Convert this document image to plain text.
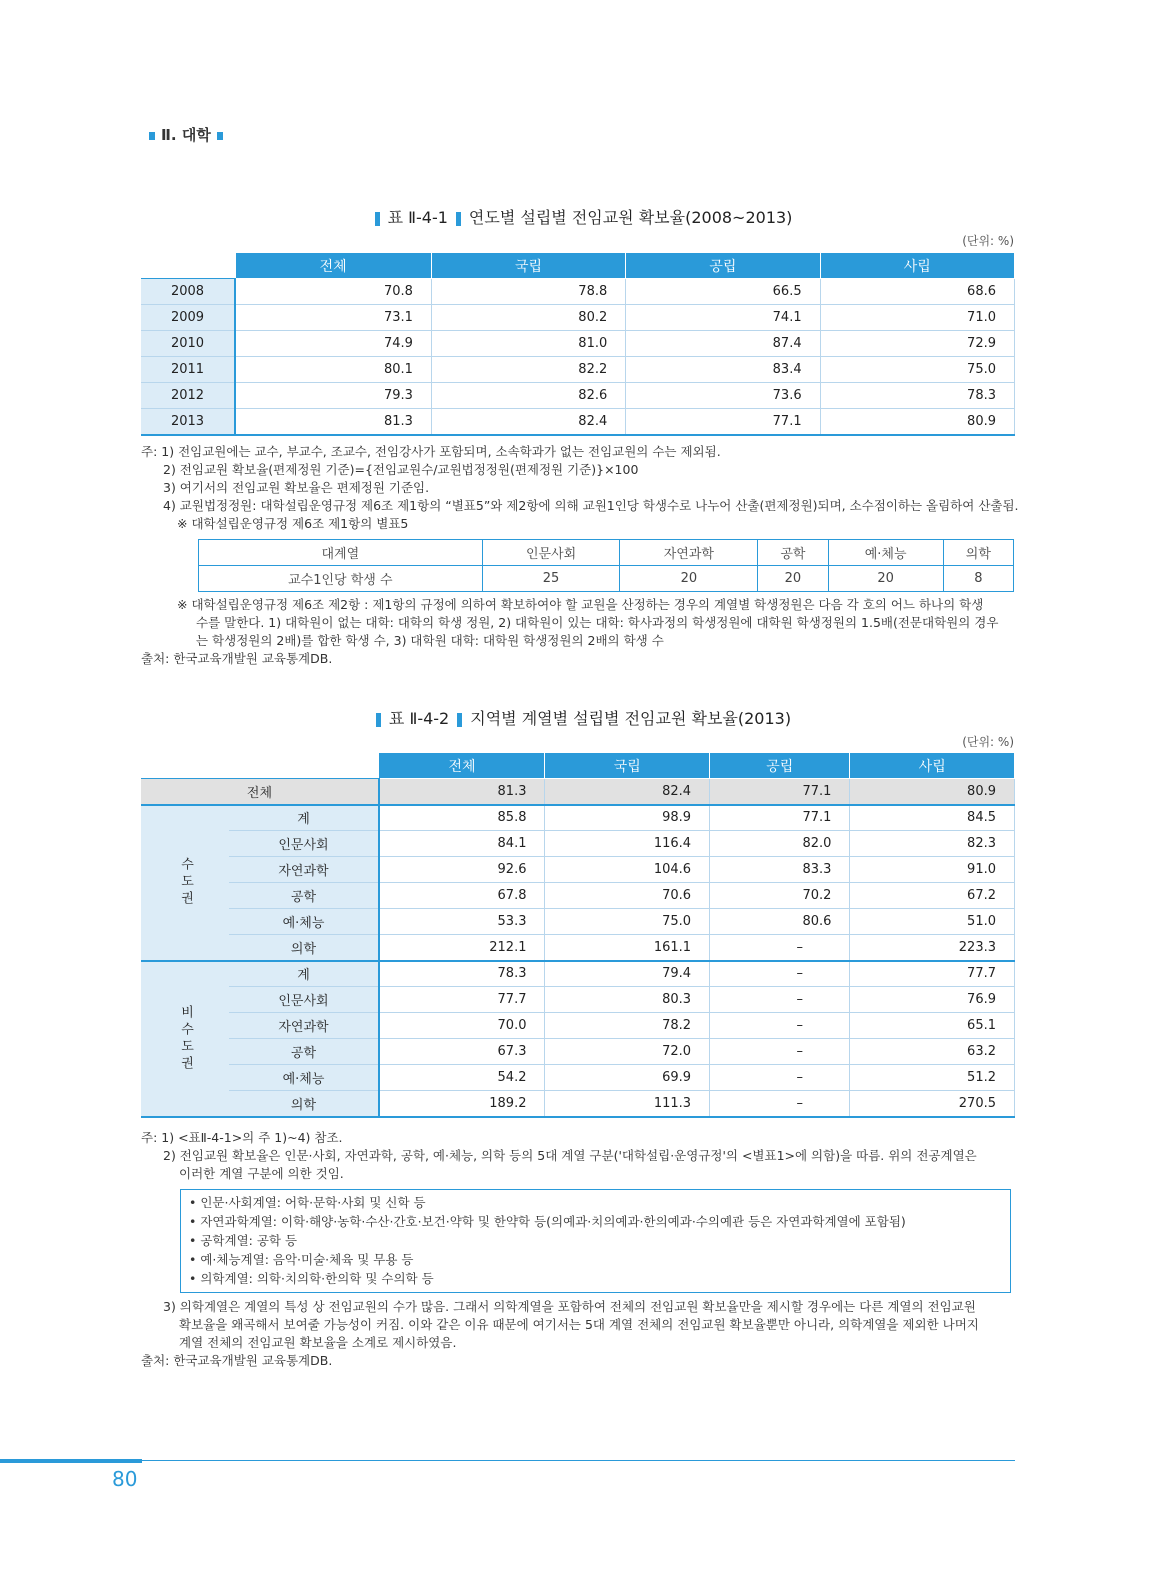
Ⅱ. 대학
표 Ⅱ-4-1 연도별 설립별 전임교원 확보율(2008~2013)
(단위: %)
	전체	국립	공립	사립
2008	70.8	78.8	66.5	68.6
2009	73.1	80.2	74.1	71.0
2010	74.9	81.0	87.4	72.9
2011	80.1	82.2	83.4	75.0
2012	79.3	82.6	73.6	78.3
2013	81.3	82.4	77.1	80.9

주: 1) 전임교원에는 교수, 부교수, 조교수, 전임강사가 포함되며, 소속학과가 없는 전임교원의 수는 제외됨.

2) 전임교원 확보율(편제정원 기준)={전임교원수/교원법정정원(편제정원 기준)}×100

3) 여기서의 전임교원 확보율은 편제정원 기준임.

4) 교원법정정원: 대학설립운영규정 제6조 제1항의 “별표5”와 제2항에 의해 교원1인당 학생수로 나누어 산출(편제정원)되며, 소수점이하는 올림하여 산출됨.

※ 대학설립운영규정 제6조 제1항의 별표5

대계열	인문사회	자연과학	공학	예·체능	의학
교수1인당 학생 수	25	20	20	20	8

※ 대학설립운영규정 제6조 제2항 : 제1항의 규정에 의하여 확보하여야 할 교원을 산정하는 경우의 계열별 학생정원은 다음 각 호의 어느 하나의 학생

수를 말한다. 1) 대학원이 없는 대학: 대학의 학생 정원, 2) 대학원이 있는 대학: 학사과정의 학생정원에 대학원 학생정원의 1.5배(전문대학원의 경우

는 학생정원의 2배)를 합한 학생 수, 3) 대학원 대학: 대학원 학생정원의 2배의 학생 수

출처: 한국교육개발원 교육통계DB.

표 Ⅱ-4-2 지역별 계열별 설립별 전임교원 확보율(2013)
(단위: %)
		전체	국립	공립	사립
전체		81.3	82.4	77.1	80.9
수도권	계	85.8	98.9	77.1	84.5
	인문사회	84.1	116.4	82.0	82.3
	자연과학	92.6	104.6	83.3	91.0
	공학	67.8	70.6	70.2	67.2
	예·체능	53.3	75.0	80.6	51.0
	의학	212.1	161.1	–	223.3
비수도권	계	78.3	79.4	–	77.7
	인문사회	77.7	80.3	–	76.9
	자연과학	70.0	78.2	–	65.1
	공학	67.3	72.0	–	63.2
	예·체능	54.2	69.9	–	51.2
	의학	189.2	111.3	–	270.5

주: 1) <표Ⅱ-4-1>의 주 1)~4) 참조.

2) 전임교원 확보율은 인문·사회, 자연과학, 공학, 예·체능, 의학 등의 5대 계열 구분('대학설립·운영규정'의 <별표1>에 의함)을 따름. 위의 전공계열은

이러한 계열 구분에 의한 것임.

• 인문·사회계열: 어학·문학·사회 및 신학 등

• 자연과학계열: 이학·해양·농학·수산·간호·보건·약학 및 한약학 등(의예과·치의예과·한의예과·수의예관 등은 자연과학계열에 포함됨)

• 공학계열: 공학 등

• 예·체능계열: 음악·미술·체육 및 무용 등

• 의학계열: 의학·치의학·한의학 및 수의학 등

3) 의학계열은 계열의 특성 상 전임교원의 수가 많음. 그래서 의학계열을 포함하여 전체의 전임교원 확보율만을 제시할 경우에는 다른 계열의 전임교원

확보율을 왜곡해서 보여줄 가능성이 커짐. 이와 같은 이유 때문에 여기서는 5대 계열 전체의 전임교원 확보율뿐만 아니라, 의학계열을 제외한 나머지

계열 전체의 전임교원 확보율을 소계로 제시하였음.

출처: 한국교육개발원 교육통계DB.

80
